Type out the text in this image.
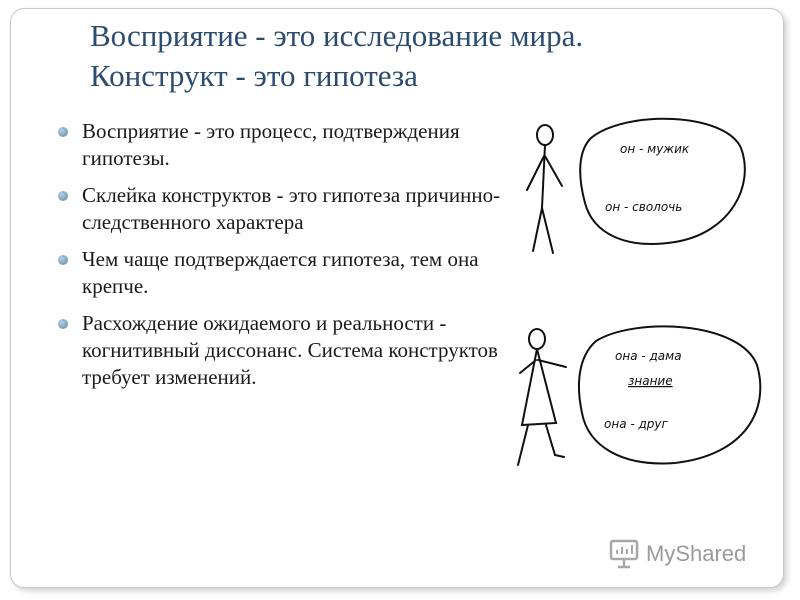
Восприятие - это исследование мира.
Конструкт - это гипотеза
Восприятие - это процесс, подтверждения гипотезы.
Склейка конструктов - это гипотеза причинно-следственного характера
Чем чаще подтверждается гипотеза, тем она крепче.
Расхождение ожидаемого и реальности - когнитивный диссонанс. Система конструктов требует изменений.
он - мужик
он - сволочь
она - дама
знание
она - друг
MyShared
